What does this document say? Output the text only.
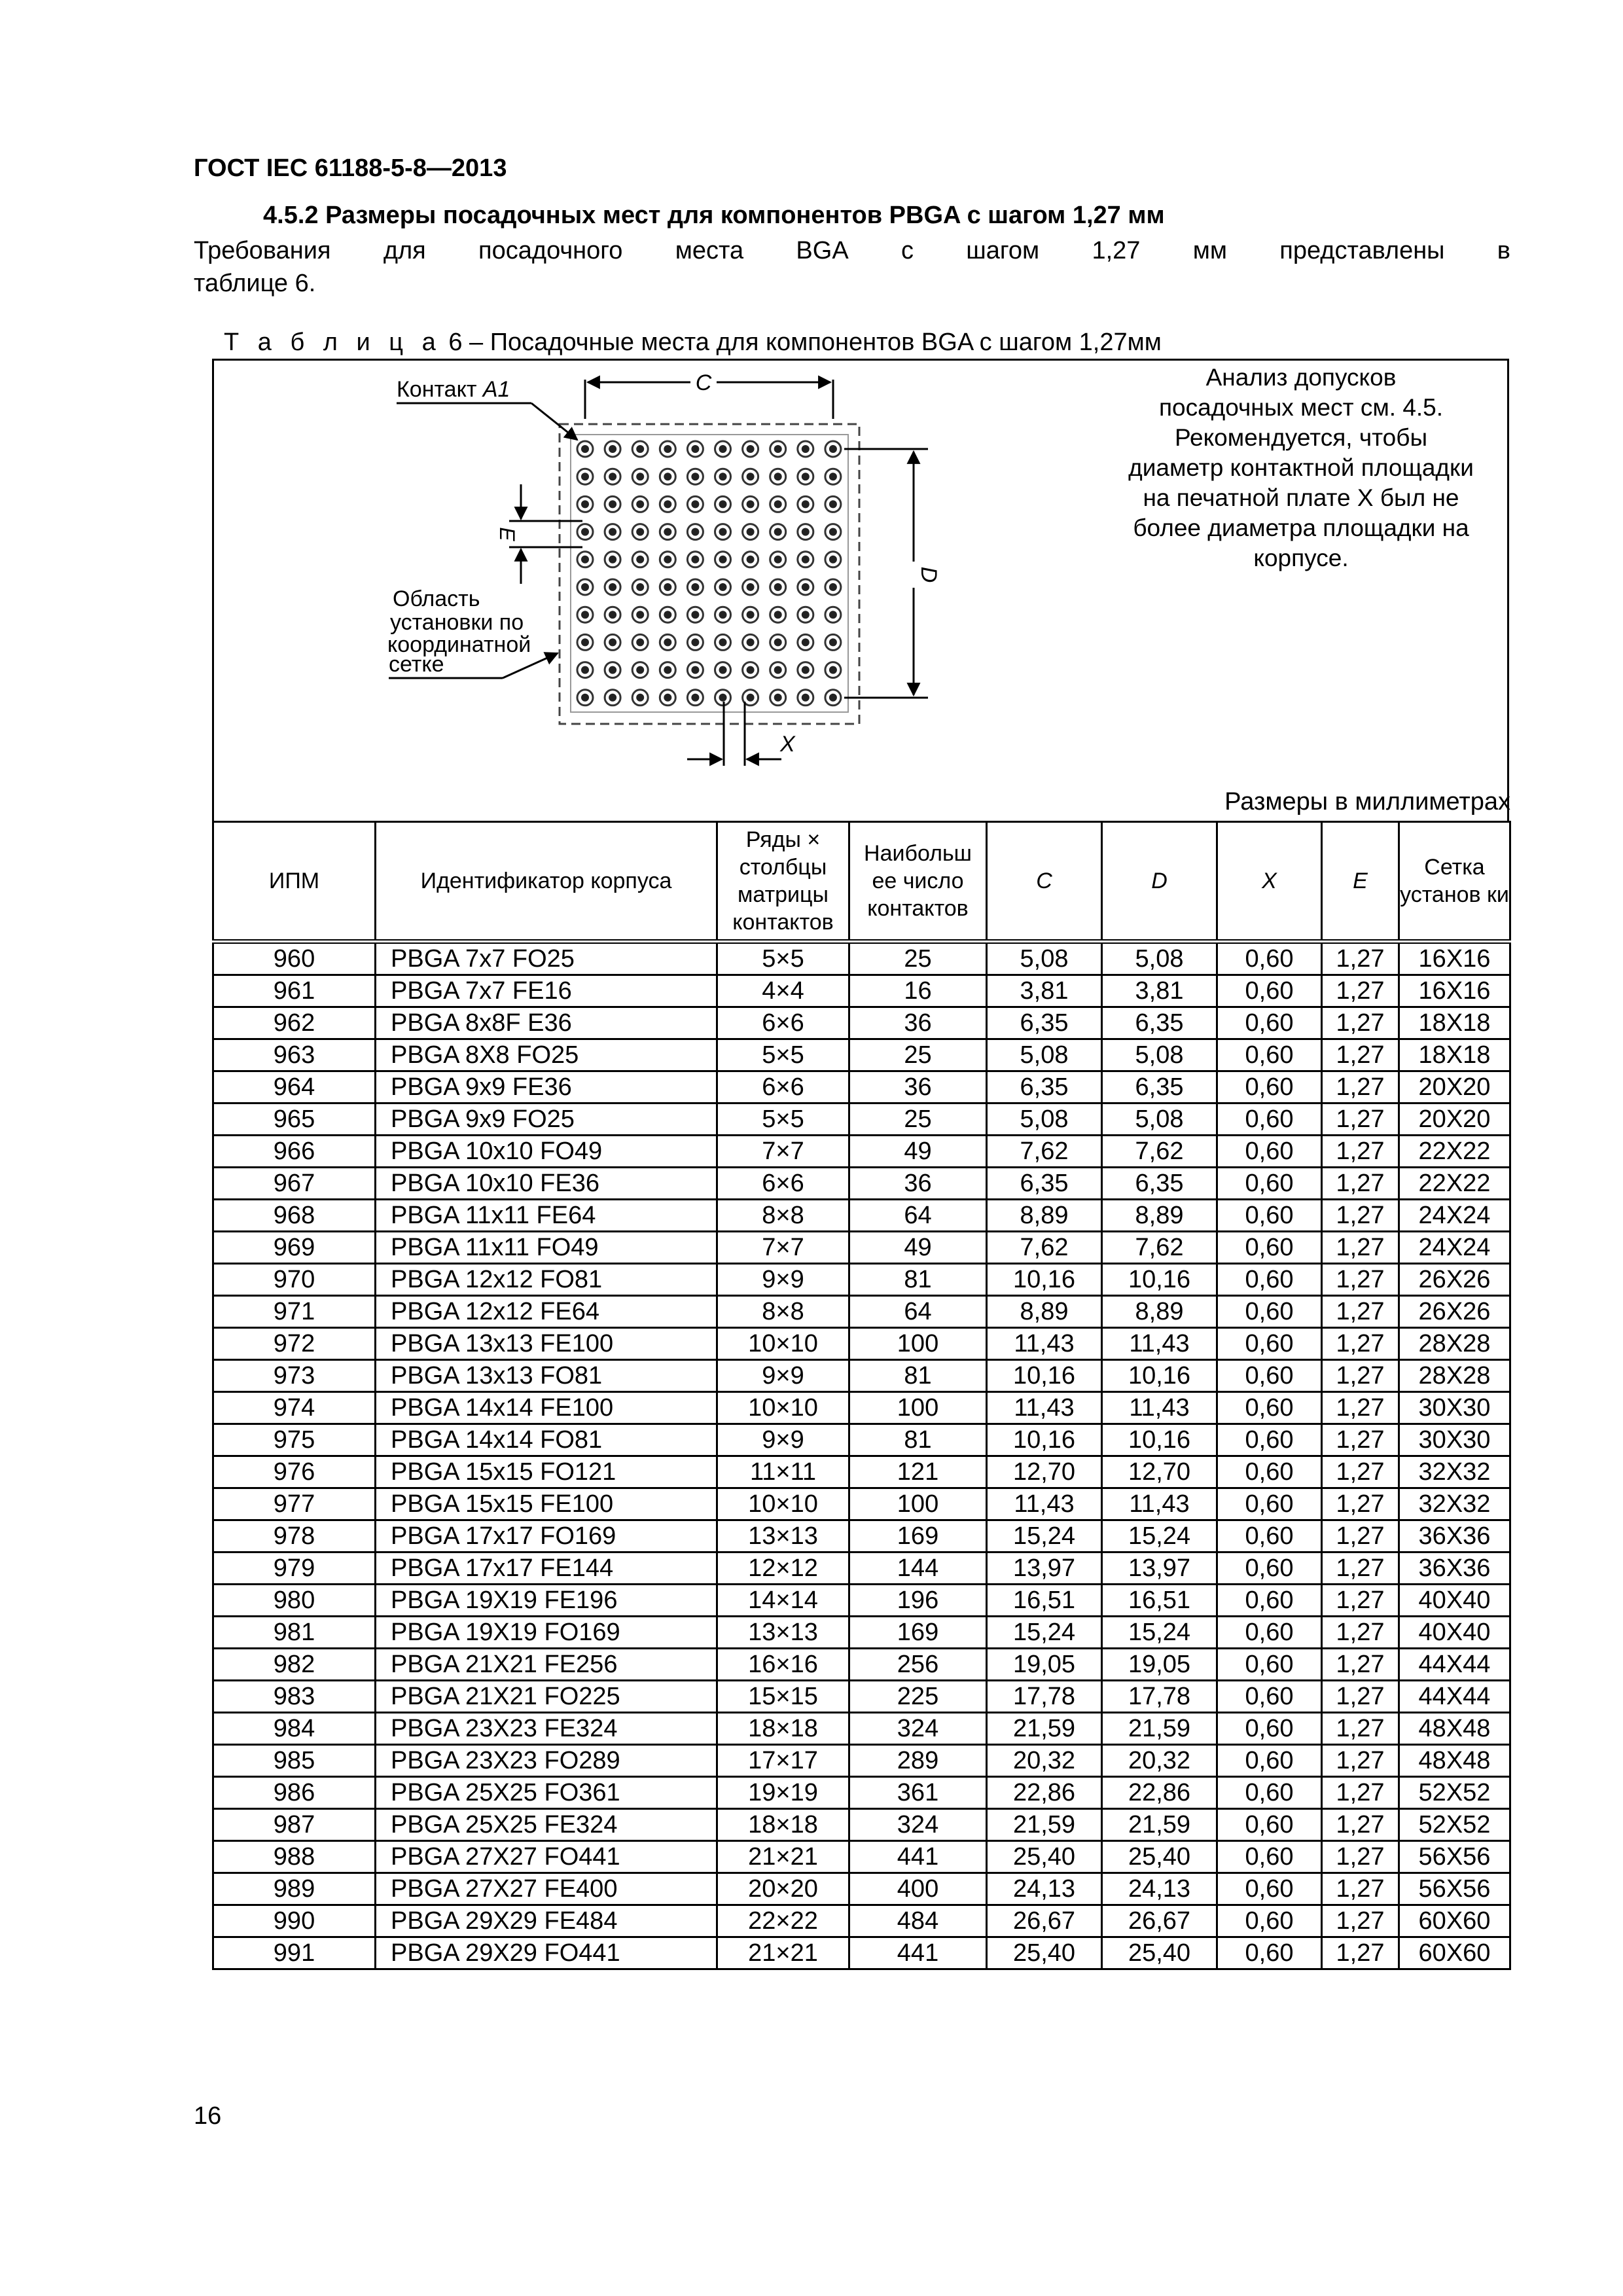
ГОСТ IEC 61188-5-8—2013
4.5.2 Размеры посадочных мест для компонентов PBGA с шагом 1,27 мм
Требования для посадочного места BGA с шагом 1,27 мм представлены в
таблице 6.
Т а б л и ц а 6 – Посадочные места для компонентов BGA с шагом 1,27мм
C
D
E
X
Контакт A1
Область установки по координатной сетке
Анализ допусков
посадочных мест см. 4.5.
Рекомендуется, чтобы
диаметр контактной площадки
на печатной плате X был не
более диаметра площадки на
корпусе.
Размеры в миллиметрах
ИПМ	Идентификатор корпуса	Ряды × столбцы матрицы контактов	Наибольш ее число контактов	C	D	X	E	Сетка установ ки
960	PBGA 7x7 FO25	5×5	25	5,08	5,08	0,60	1,27	16X16
961	PBGA 7x7 FE16	4×4	16	3,81	3,81	0,60	1,27	16X16
962	PBGA 8x8F E36	6×6	36	6,35	6,35	0,60	1,27	18X18
963	PBGA 8X8 FO25	5×5	25	5,08	5,08	0,60	1,27	18X18
964	PBGA 9x9 FE36	6×6	36	6,35	6,35	0,60	1,27	20X20
965	PBGA 9x9 FO25	5×5	25	5,08	5,08	0,60	1,27	20X20
966	PBGA 10x10 FO49	7×7	49	7,62	7,62	0,60	1,27	22X22
967	PBGA 10x10 FE36	6×6	36	6,35	6,35	0,60	1,27	22X22
968	PBGA 11x11 FE64	8×8	64	8,89	8,89	0,60	1,27	24X24
969	PBGA 11x11 FO49	7×7	49	7,62	7,62	0,60	1,27	24X24
970	PBGA 12x12 FO81	9×9	81	10,16	10,16	0,60	1,27	26X26
971	PBGA 12x12 FE64	8×8	64	8,89	8,89	0,60	1,27	26X26
972	PBGA 13x13 FE100	10×10	100	11,43	11,43	0,60	1,27	28X28
973	PBGA 13x13 FO81	9×9	81	10,16	10,16	0,60	1,27	28X28
974	PBGA 14x14 FE100	10×10	100	11,43	11,43	0,60	1,27	30X30
975	PBGA 14x14 FO81	9×9	81	10,16	10,16	0,60	1,27	30X30
976	PBGA 15x15 FO121	11×11	121	12,70	12,70	0,60	1,27	32X32
977	PBGA 15x15 FE100	10×10	100	11,43	11,43	0,60	1,27	32X32
978	PBGA 17x17 FO169	13×13	169	15,24	15,24	0,60	1,27	36X36
979	PBGA 17x17 FE144	12×12	144	13,97	13,97	0,60	1,27	36X36
980	PBGA 19X19 FE196	14×14	196	16,51	16,51	0,60	1,27	40X40
981	PBGA 19X19 FO169	13×13	169	15,24	15,24	0,60	1,27	40X40
982	PBGA 21X21 FE256	16×16	256	19,05	19,05	0,60	1,27	44X44
983	PBGA 21X21 FO225	15×15	225	17,78	17,78	0,60	1,27	44X44
984	PBGA 23X23 FE324	18×18	324	21,59	21,59	0,60	1,27	48X48
985	PBGA 23X23 FO289	17×17	289	20,32	20,32	0,60	1,27	48X48
986	PBGA 25X25 FO361	19×19	361	22,86	22,86	0,60	1,27	52X52
987	PBGA 25X25 FE324	18×18	324	21,59	21,59	0,60	1,27	52X52
988	PBGA 27X27 FO441	21×21	441	25,40	25,40	0,60	1,27	56X56
989	PBGA 27X27 FE400	20×20	400	24,13	24,13	0,60	1,27	56X56
990	PBGA 29X29 FE484	22×22	484	26,67	26,67	0,60	1,27	60X60
991	PBGA 29X29 FO441	21×21	441	25,40	25,40	0,60	1,27	60X60
16
